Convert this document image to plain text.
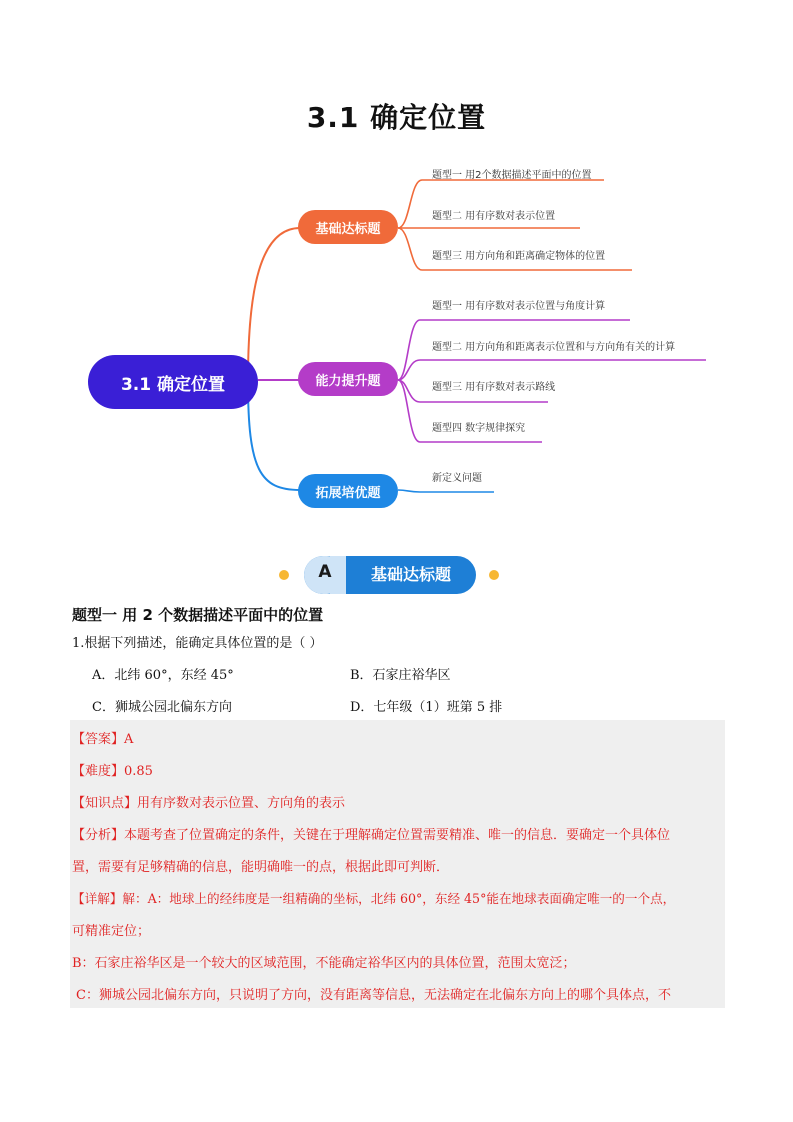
3.1 确定位置
3.1 确定位置
基础达标题
能力提升题
拓展培优题
题型一 用2个数据描述平面中的位置
题型二 用有序数对表示位置
题型三 用方向角和距离确定物体的位置
题型一 用有序数对表示位置与角度计算
题型二 用方向角和距离表示位置和与方向角有关的计算
题型三 用有序数对表示路线
题型四 数字规律探究
新定义问题
A	基础达标题
题型一 用 2 个数据描述平面中的位置
1.根据下列描述，能确定具体位置的是（ ）
A．北纬 60°，东经 45°	B．石家庄裕华区
C．狮城公园北偏东方向	D．七年级（1）班第 5 排
【答案】A
【难度】0.85
【知识点】用有序数对表示位置、方向角的表示
【分析】本题考查了位置确定的条件，关键在于理解确定位置需要精准、唯一的信息．要确定一个具体位
置，需要有足够精确的信息，能明确唯一的点，根据此即可判断．
【详解】解：A：地球上的经纬度是一组精确的坐标，北纬 60°，东经 45°能在地球表面确定唯一的一个点，
可精准定位；
B：石家庄裕华区是一个较大的区域范围，不能确定裕华区内的具体位置，范围太宽泛；
C：狮城公园北偏东方向，只说明了方向，没有距离等信息，无法确定在北偏东方向上的哪个具体点，不
